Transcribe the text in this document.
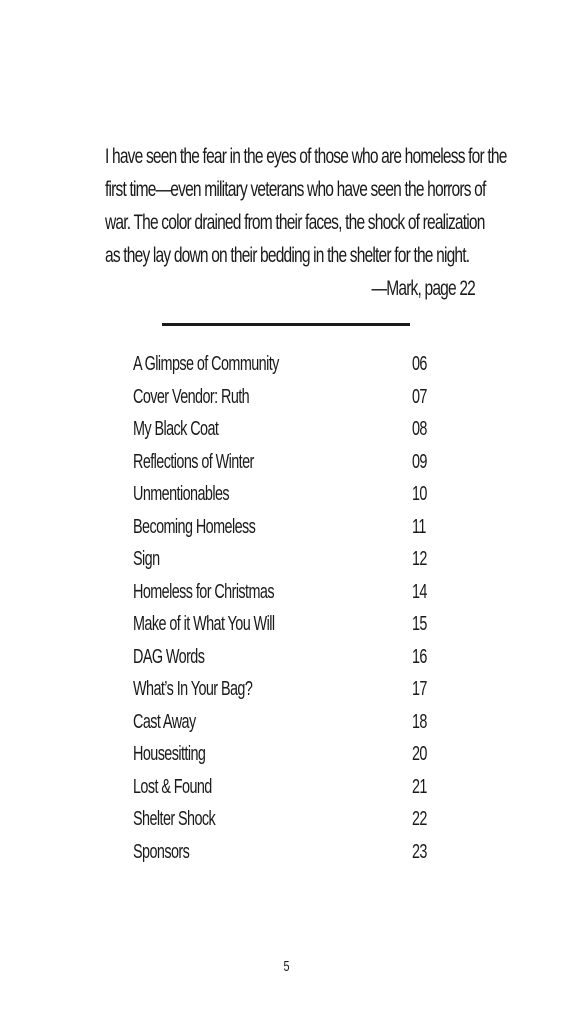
I have seen the fear in the eyes of those who are homeless for the
first time—even military veterans who have seen the horrors of
war. The color drained from their faces, the shock of realization
as they lay down on their bedding in the shelter for the night.
—Mark, page 22
A Glimpse of Community	06
Cover Vendor: Ruth	07
My Black Coat	08
Reflections of Winter	09
Unmentionables	10
Becoming Homeless	11
Sign	12
Homeless for Christmas	14
Make of it What You Will	15
DAG Words	16
What’s In Your Bag?	17
Cast Away	18
Housesitting	20
Lost & Found	21
Shelter Shock	22
Sponsors	23
5
